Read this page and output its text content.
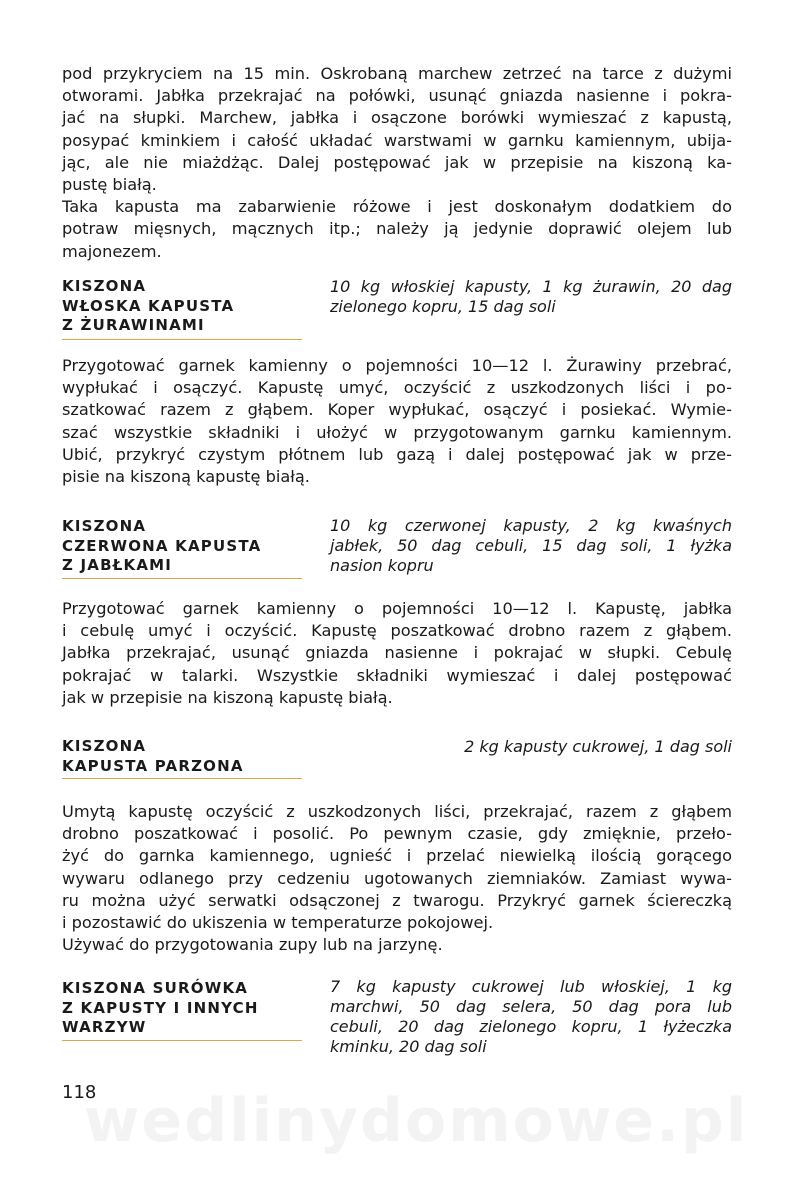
pod przykryciem na 15 min. Oskrobaną marchew zetrzeć na tarce z dużymi
otworami. Jabłka przekrajać na połówki, usunąć gniazda nasienne i pokra-
jać na słupki. Marchew, jabłka i osączone borówki wymieszać z kapustą,
posypać kminkiem i całość układać warstwami w garnku kamiennym, ubija-
jąc, ale nie miażdżąc. Dalej postępować jak w przepisie na kiszoną ka-
pustę białą.
Taka kapusta ma zabarwienie różowe i jest doskonałym dodatkiem do
potraw mięsnych, mącznych itp.; należy ją jedynie doprawić olejem lub
majonezem.
KISZONA
WŁOSKA KAPUSTA
Z ŻURAWINAMI
10 kg włoskiej kapusty, 1 kg żurawin, 20 dag
zielonego kopru, 15 dag soli
Przygotować garnek kamienny o pojemności 10—12 l. Żurawiny przebrać,
wypłukać i osączyć. Kapustę umyć, oczyścić z uszkodzonych liści i po-
szatkować razem z głąbem. Koper wypłukać, osączyć i posiekać. Wymie-
szać wszystkie składniki i ułożyć w przygotowanym garnku kamiennym.
Ubić, przykryć czystym płótnem lub gazą i dalej postępować jak w prze-
pisie na kiszoną kapustę białą.
KISZONA
CZERWONA KAPUSTA
Z JABŁKAMI
10 kg czerwonej kapusty, 2 kg kwaśnych
jabłek, 50 dag cebuli, 15 dag soli, 1 łyżka
nasion kopru
Przygotować garnek kamienny o pojemności 10—12 l. Kapustę, jabłka
i cebulę umyć i oczyścić. Kapustę poszatkować drobno razem z głąbem.
Jabłka przekrajać, usunąć gniazda nasienne i pokrajać w słupki. Cebulę
pokrajać w talarki. Wszystkie składniki wymieszać i dalej postępować
jak w przepisie na kiszoną kapustę białą.
KISZONA
KAPUSTA PARZONA
2 kg kapusty cukrowej, 1 dag soli
Umytą kapustę oczyścić z uszkodzonych liści, przekrajać, razem z głąbem
drobno poszatkować i posolić. Po pewnym czasie, gdy zmięknie, przeło-
żyć do garnka kamiennego, ugnieść i przelać niewielką ilością gorącego
wywaru odlanego przy cedzeniu ugotowanych ziemniaków. Zamiast wywa-
ru można użyć serwatki odsączonej z twarogu. Przykryć garnek ściereczką
i pozostawić do ukiszenia w temperaturze pokojowej.
Używać do przygotowania zupy lub na jarzynę.
KISZONA SURÓWKA
Z KAPUSTY I INNYCH
WARZYW
7 kg kapusty cukrowej lub włoskiej, 1 kg
marchwi, 50 dag selera, 50 dag pora lub
cebuli, 20 dag zielonego kopru, 1 łyżeczka
kminku, 20 dag soli
wedlinydomowe.pl
118
